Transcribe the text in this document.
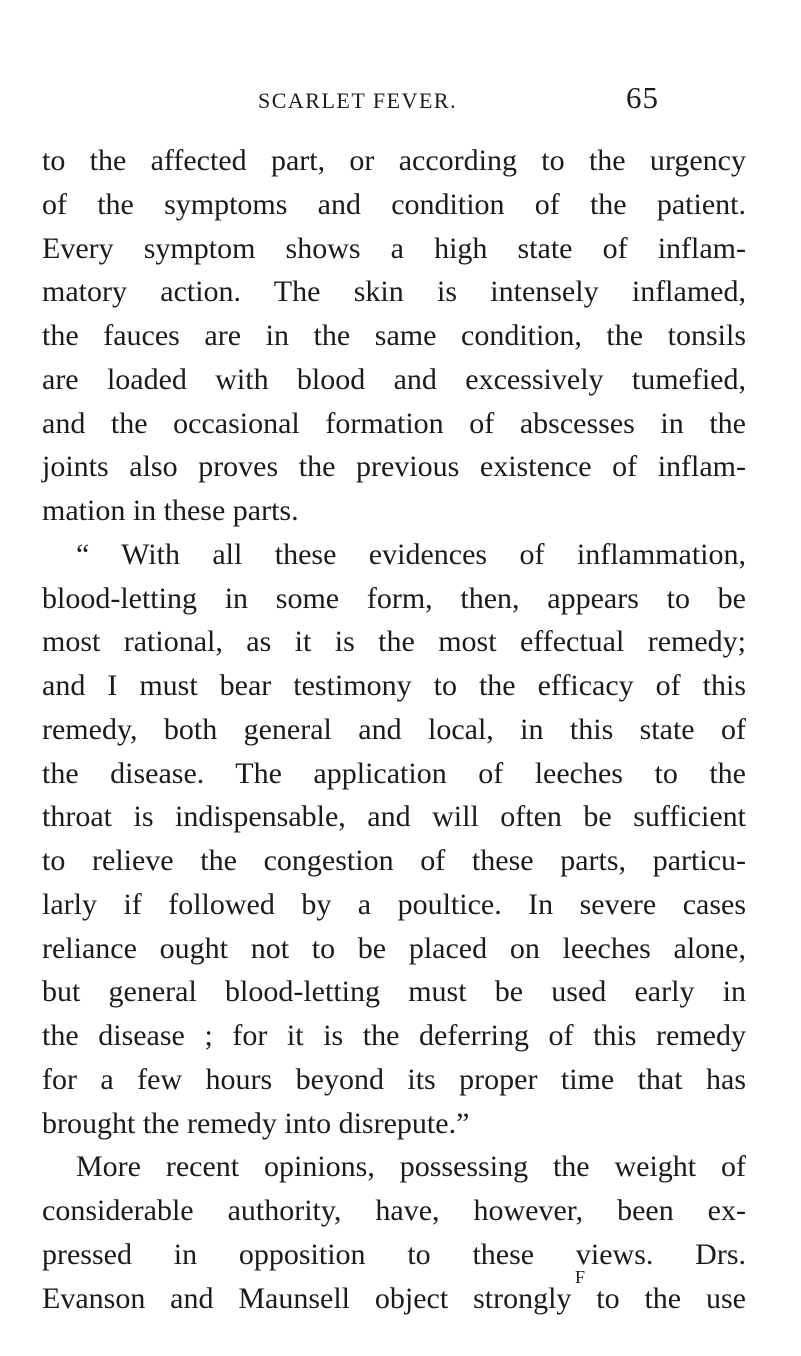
SCARLET FEVER.	65
to the affected part, or according to the urgency
of the symptoms and condition of the patient.
Every symptom shows a high state of inflam-
matory action. The skin is intensely inflamed,
the fauces are in the same condition, the tonsils
are loaded with blood and excessively tumefied,
and the occasional formation of abscesses in the
joints also proves the previous existence of inflam-
mation in these parts.
“ With all these evidences of inflammation,
blood-letting in some form, then, appears to be
most rational, as it is the most effectual remedy;
and I must bear testimony to the efficacy of this
remedy, both general and local, in this state of
the disease. The application of leeches to the
throat is indispensable, and will often be sufficient
to relieve the congestion of these parts, particu-
larly if followed by a poultice. In severe cases
reliance ought not to be placed on leeches alone,
but general blood-letting must be used early in
the disease ; for it is the deferring of this remedy
for a few hours beyond its proper time that has
brought the remedy into disrepute.”
More recent opinions, possessing the weight of
considerable authority, have, however, been ex-
pressed in opposition to these views. Drs.
Evanson and Maunsell object strongly to the use
F
